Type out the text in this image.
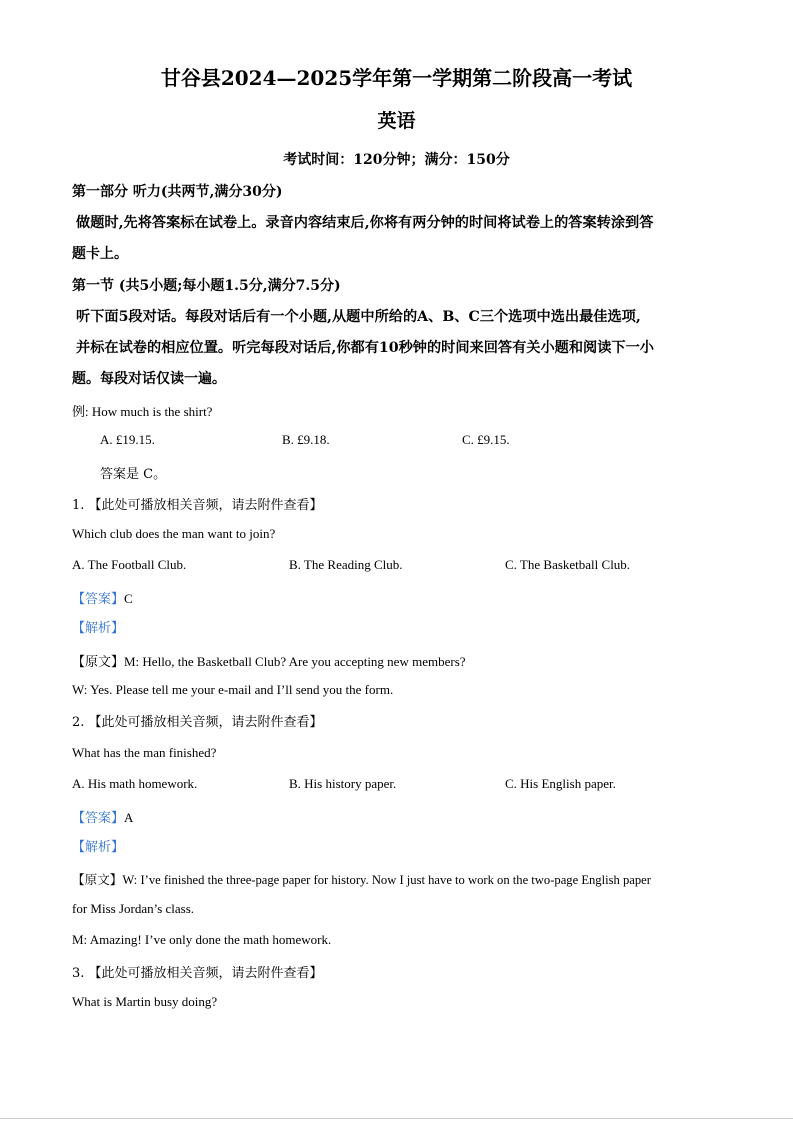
甘谷县2024—2025学年第一学期第二阶段高一考试
英语
考试时间：120分钟；满分：150分
第一部分 听力(共两节,满分30分)
做题时,先将答案标在试卷上。录音内容结束后,你将有两分钟的时间将试卷上的答案转涂到答
题卡上。
第一节 (共5小题;每小题1.5分,满分7.5分)
听下面5段对话。每段对话后有一个小题,从题中所给的A、B、C三个选项中选出最佳选项,
并标在试卷的相应位置。听完每段对话后,你都有10秒钟的时间来回答有关小题和阅读下一小
题。每段对话仅读一遍。
例: How much is the shirt?
A. £19.15.	B. £9.18.	C. £9.15.
答案是 C。
1. 【此处可播放相关音频，请去附件查看】
Which club does the man want to join?
A. The Football Club.	B. The Reading Club.	C. The Basketball Club.
【答案】C
【解析】
【原文】M: Hello, the Basketball Club? Are you accepting new members?
W: Yes. Please tell me your e-mail and I’ll send you the form.
2. 【此处可播放相关音频，请去附件查看】
What has the man finished?
A. His math homework.	B. His history paper.	C. His English paper.
【答案】A
【解析】
【原文】W: I’ve finished the three-page paper for history. Now I just have to work on the two-page English paper
for Miss Jordan’s class.
M: Amazing! I’ve only done the math homework.
3. 【此处可播放相关音频，请去附件查看】
What is Martin busy doing?
